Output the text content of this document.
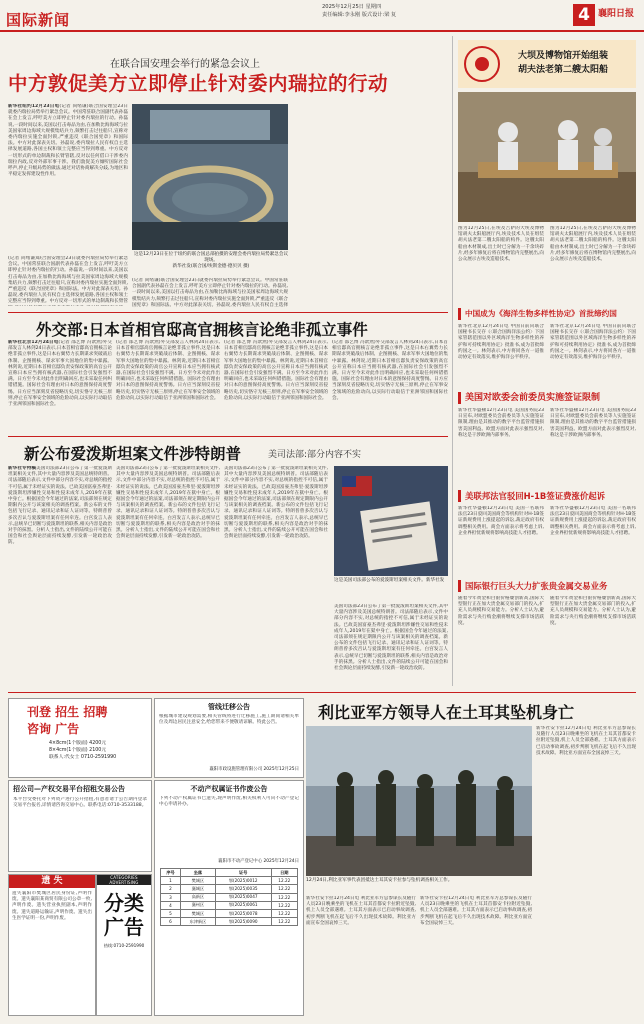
国际新闻
2025年12月25日 星期四
责任编辑:李永刚 版式设计:梁 复	4 襄阳日报
在联合国安理会举行的紧急会议上
中方敦促美方立即停止针对委内瑞拉的行动

新华社纽约12月23日电(记者 尚绪谦)联合国安理会23日就委内瑞拉局势举行紧急会议。中国常驻联合国副代表孙磊在会上发言,呼吁美方立即停止针对委内瑞拉的行动。孙磊说,一段时间以来,美国以打击毒品为由,在加勒比海海域与拉美国家周边海域大规模集结兵力,频繁打击过往船只,宣称对委内瑞拉实施全面封锁,严重违反《联合国宪章》和国际法。中方对此深表关切。孙磊说,委内瑞拉人民有权自主选择发展道路,各国主权和领土完整应当得到尊重。中方反对一切形式的单边制裁和长臂管辖,反对以任何借口干涉委内瑞拉内政,反对外部军事干涉。我们敦促美方倾听国际社会呼声,停止升级局势的做法,通过对话协商解决分歧,为地区和平稳定发挥建设性作用。

这是12月23日在位于纽约的联合国总部拍摄的安理会委内瑞拉局势紧急会议现场。
新华社发(联合国/埃斯金德·德贝贝 摄)

(记者 尚绪谦)联合国安理会23日就委内瑞拉局势举行紧急会议。中国常驻联合国副代表孙磊在会上发言,呼吁美方立即停止针对委内瑞拉的行动。孙磊说,一段时间以来,美国以打击毒品为由,在加勒比海海域与拉美国家周边海域大规模集结兵力,频繁打击过往船只,宣称对委内瑞拉实施全面封锁,严重违反《联合国宪章》和国际法。中方对此深表关切。孙磊说,委内瑞拉人民有权自主选择发展道路,各国主权和领土完整应当得到尊重。中方反对一切形式的单边制裁和长臂管

(记者 尚绪谦)联合国安理会23日就委内瑞拉局势举行紧急会议。中国常驻联合国副代表孙磊在会上发言,呼吁美方立即停止针对委内瑞拉的行动。孙磊说,一段时间以来,美国以打击毒品为由,在加勒比海海域与拉美国家周边海域大规模集结兵力,频繁打击过往船只,宣称对委内瑞拉实施全面封锁,严重违反《联合国宪章》和国际法。中方对此深表关切。孙磊说,委内瑞拉人民有权自主选择

外交部:日本首相官邸高官拥核言论绝非孤立事件

新华社北京12月24日电(记者 邵艺博 冯歆然)外交部发言人林剑24日表示,日本首相官邸高官拥核言论绝非孤立事件,这是日本右翼势力长期谋求突破战后体制、企图拥核、谋求军事大国地位的集中暴露。林剑说,近期日本首相官邸负责安保政策的高官公开宣称日本应当拥有核武器,在国际社会引发强烈不满。日方至今未对此作出明确回应,也未采取任何纠错措施。国际社会有理由对日本的意图保持高度警惕。日方应当深刻反省侵略历史,切实恪守无核三原则,停止在军事安全领域的危险动向,以实际行动取信于亚洲邻国和国际社会。

(记者 邵艺博 冯歆然)外交部发言人林剑24日表示,日本首相官邸高官拥核言论绝非孤立事件,这是日本右翼势力长期谋求突破战后体制、企图拥核、谋求军事大国地位的集中暴露。林剑说,近期日本首相官邸负责安保政策的高官公开宣称日本应当拥有核武器,在国际社会引发强烈不满。日方至今未对此作出明确回应,也未采取任何纠错措施。国际社会有理由对日本的意图保持高度警惕。日方应当深刻反省侵略历史,切实恪守无核三原则,停止在军事安全领域的危险动向,以实际行动取信于亚洲邻国和国际社会。

(记者 邵艺博 冯歆然)外交部发言人林剑24日表示,日本首相官邸高官拥核言论绝非孤立事件,这是日本右翼势力长期谋求突破战后体制、企图拥核、谋求军事大国地位的集中暴露。林剑说,近期日本首相官邸负责安保政策的高官公开宣称日本应当拥有核武器,在国际社会引发强烈不满。日方至今未对此作出明确回应,也未采取任何纠错措施。国际社会有理由对日本的意图保持高度警惕。日方应当深刻反省侵略历史,切实恪守无核三原则,停止在军事安全领域的危险动向,以实际行动取信于亚洲邻国和国际社会。

(记者 邵艺博 冯歆然)外交部发言人林剑24日表示,日本首相官邸高官拥核言论绝非孤立事件,这是日本右翼势力长期谋求突破战后体制、企图拥核、谋求军事大国地位的集中暴露。林剑说,近期日本首相官邸负责安保政策的高官公开宣称日本应当拥有核武器,在国际社会引发强烈不满。日方至今未对此作出明确回应,也未采取任何纠错措施。国际社会有理由对日本的意图保持高度警惕。日方应当深刻反省侵略历史,切实恪守无核三原则,停止在军事安全领域的危险动向,以实际行动取信于亚洲邻国和国际社会。

新公布爱泼斯坦案文件涉特朗普	美司法部:部分内容不实

新华社专特稿美国司法部23日公布了第一批爱泼斯坦案相关文件,其中大量内容涉及美国总统特朗普。司法部随后表示,文件中部分内容不实,对总统的指控不可信,属于未经证实的说法。已故美国富豪杰弗里·爱泼斯坦涉嫌性交易和性侵未成年人,2019年在狱中身亡。根据国会今年通过的法案,司法部须在规定期限内公开与该案相关的调查档案。新公布的文件包括飞行记录、通讯记录和证人证词等。特朗普曾多次否认与爱泼斯坦案有任何牵连。白宫发言人表示,总统早已切断与爱泼斯坦的联系,相关内容是政治对手的抹黑。分析人士指出,文件的陆续公开可能在国会和社会舆论层面持续发酵,引发新一轮政治攻防。

美国司法部23日公布了第一批爱泼斯坦案相关文件,其中大量内容涉及美国总统特朗普。司法部随后表示,文件中部分内容不实,对总统的指控不可信,属于未经证实的说法。已故美国富豪杰弗里·爱泼斯坦涉嫌性交易和性侵未成年人,2019年在狱中身亡。根据国会今年通过的法案,司法部须在规定期限内公开与该案相关的调查档案。新公布的文件包括飞行记录、通讯记录和证人证词等。特朗普曾多次否认与爱泼斯坦案有任何牵连。白宫发言人表示,总统早已切断与爱泼斯坦的联系,相关内容是政治对手的抹黑。分析人士指出,文件的陆续公开可能在国会和社会舆论层面持续发酵,引发新一轮政治攻防。

美国司法部23日公布了第一批爱泼斯坦案相关文件,其中大量内容涉及美国总统特朗普。司法部随后表示,文件中部分内容不实,对总统的指控不可信,属于未经证实的说法。已故美国富豪杰弗里·爱泼斯坦涉嫌性交易和性侵未成年人,2019年在狱中身亡。根据国会今年通过的法案,司法部须在规定期限内公开与该案相关的调查档案。新公布的文件包括飞行记录、通讯记录和证人证词等。特朗普曾多次否认与爱泼斯坦案有任何牵连。白宫发言人表示,总统早已切断与爱泼斯坦的联系,相关内容是政治对手的抹黑。分析人士指出,文件的陆续公开可能在国会和社会舆论层面持续发酵,引发新一轮政治攻防。

这是美国司法部公布的爱泼斯坦案相关文件。新华社发

美国司法部23日公布了第一批爱泼斯坦案相关文件,其中大量内容涉及美国总统特朗普。司法部随后表示,文件中部分内容不实,对总统的指控不可信,属于未经证实的说法。已故美国富豪杰弗里·爱泼斯坦涉嫌性交易和性侵未成年人,2019年在狱中身亡。根据国会今年通过的法案,司法部须在规定期限内公开与该案相关的调查档案。新公布的文件包括飞行记录、通讯记录和证人证词等。特朗普曾多次否认与爱泼斯坦案有任何牵连。白宫发言人表示,总统早已切断与爱泼斯坦的联系,相关内容是政治对手的抹黑。分析人士指出,文件的陆续公开可能在国会和社会舆论层面持续发酵,引发新一轮政治攻防。

刊登 招生 招聘
咨询 广告
4×8cm(1个版面) 4200元
8×4cm(1个版面) 2100元
联系人:代女士 0710-2591990
招公司—产权交易平台招租交易公告
本平台受委托对下列资产进行公开招租,有意者请于公告期内登录交易平台报名,详情请咨询交易中心。联系电话:0710-3533188。
遗 失
遗失襄阳市樊城区居民身份证,声明作废。遗失襄阳某商贸有限公司公章一枚,声明作废。遗失营业执照副本,声明作废。遗失道路运输证,声明作废。遗失出生医学证明一份,声明作废。
CATEGORIES ADVERTISING
分类广告
热线:0710-2591990
管线迁移公告
根据城市建设规划需要,相关管线将进行迁移施工,施工期间请相关单位及周边居民注意安全,给您带来不便敬请谅解。特此公告。
襄阳市政设施管理有限公司 2025年12月25日
不动产权属证书作废公告
下列不动产权属证书已遗失,现声明作废,相关权利人可向不动产登记中心申请补办。
襄阳市不动产登记中心 2025年12月24日
序号	坐落	证号	日期
1	樊城区	鄂(2025)0012	12.22
2	襄城区	鄂(2025)0035	12.22
3	高新区	鄂(2025)0047	12.22
4	襄州区	鄂(2025)0061	12.22
5	樊城区	鄂(2025)0078	12.22
6	东津新区	鄂(2025)0090	12.22
大坝及博物馆开始组装
胡夫法老第二艘太阳船

图为12月25日,在埃及吉萨的大埃及博物馆胡夫太阳船展厅内,埃及技术人员在组装胡夫法老第二艘太阳船的构件。这艘太阳船由木材制成,出土时已分解为一千余块碎片,经多年修复后将在博物馆内完整展出,向公众展示古埃及造船技术。

图为12月25日,在埃及吉萨的大埃及博物馆胡夫太阳船展厅内,埃及技术人员在组装胡夫法老第二艘太阳船的构件。这艘太阳船由木材制成,出土时已分解为一千余块碎片,经多年修复后将在博物馆内完整展出,向公众展示古埃及造船技术。

中国成为《海洋生物多样性协定》首批缔约国

新华社北京12月24日电 中国日前向联合国秘书长交存《〈联合国海洋法公约〉下国家管辖范围以外区域海洋生物多样性的养护和可持续利用协定》批准书,成为首批缔约国之一。林剑表示,中方将同各方一道推动协定有效落实,维护海洋公平秩序。

新华社北京12月24日电 中国日前向联合国秘书长交存《〈联合国海洋法公约〉下国家管辖范围以外区域海洋生物多样性的养护和可持续利用协定》批准书,成为首批缔约国之一。林剑表示,中方将同各方一道推动协定有效落实,维护海洋公平秩序。

美国对欧委会前委员实施签证限制

新华社华盛顿12月23日电 美国国务院23日宣布,对欧盟委员会前委员等人实施签证限制,理由是其推动的数字平台监管措施损害美国利益。欧盟方面对此表示强烈反对,称这是干涉欧洲内部事务。

新华社华盛顿12月23日电 美国国务院23日宣布,对欧盟委员会前委员等人实施签证限制,理由是其推动的数字平台监管措施损害美国利益。欧盟方面对此表示强烈反对,称这是干涉欧洲内部事务。

美联邦法官驳回H-1B签证费涨价起诉

新华社华盛顿12月23日电 美国一名联邦法官23日驳回美国商会等机构针对H-1B签证新规费用上涨提起的诉讼,裁定政府有权调整相关费用。商会方面表示将考虑上诉,企业界担忧新规将影响高技能人才招聘。

新华社华盛顿12月23日电 美国一名联邦法官23日驳回美国商会等机构针对H-1B签证新规费用上涨提起的诉讼,裁定政府有权调整相关费用。商会方面表示将考虑上诉,企业界担忧新规将影响高技能人才招聘。

国际银行巨头大力扩张贵金属交易业务

随着今年黄金和白银价格屡创新高,国际大型银行正在加大贵金属交易部门的投入,扩充人员规模和交易能力。分析人士认为,避险需求与央行购金潮将继续支撑市场活跃度。

随着今年黄金和白银价格屡创新高,国际大型银行正在加大贵金属交易部门的投入,扩充人员规模和交易能力。分析人士认为,避险需求与央行购金潮将继续支撑市场活跃度。

利比亚军方领导人在土耳其坠机身亡
12月24日,利比亚军事代表团抵达土耳其安卡拉参与坠机调查相关工作。

新华社安卡拉12月24日电 利比亚军方总参谋长及随行人员23日晚乘坐的飞机在土耳其首都安卡拉附近坠毁,机上人员全部遇难。土耳其方面表示已启动事故调查,初步判断飞机在起飞后不久出现技术故障。利比亚方面宣布全国哀悼三天。

新华社安卡拉12月24日电 利比亚军方总参谋长及随行人员23日晚乘坐的飞机在土耳其首都安卡拉附近坠毁,机上人员全部遇难。土耳其方面表示已启动事故调查,初步判断飞机在起飞后不久出现技术故障。利比亚方面宣布全国哀悼三天。

新华社安卡拉12月24日电 利比亚军方总参谋长及随行人员23日晚乘坐的飞机在土耳其首都安卡拉附近坠毁,机上人员全部遇难。土耳其方面表示已启动事故调查,初步判断飞机在起飞后不久出现技术故障。利比亚方面宣布全国哀悼三天。
